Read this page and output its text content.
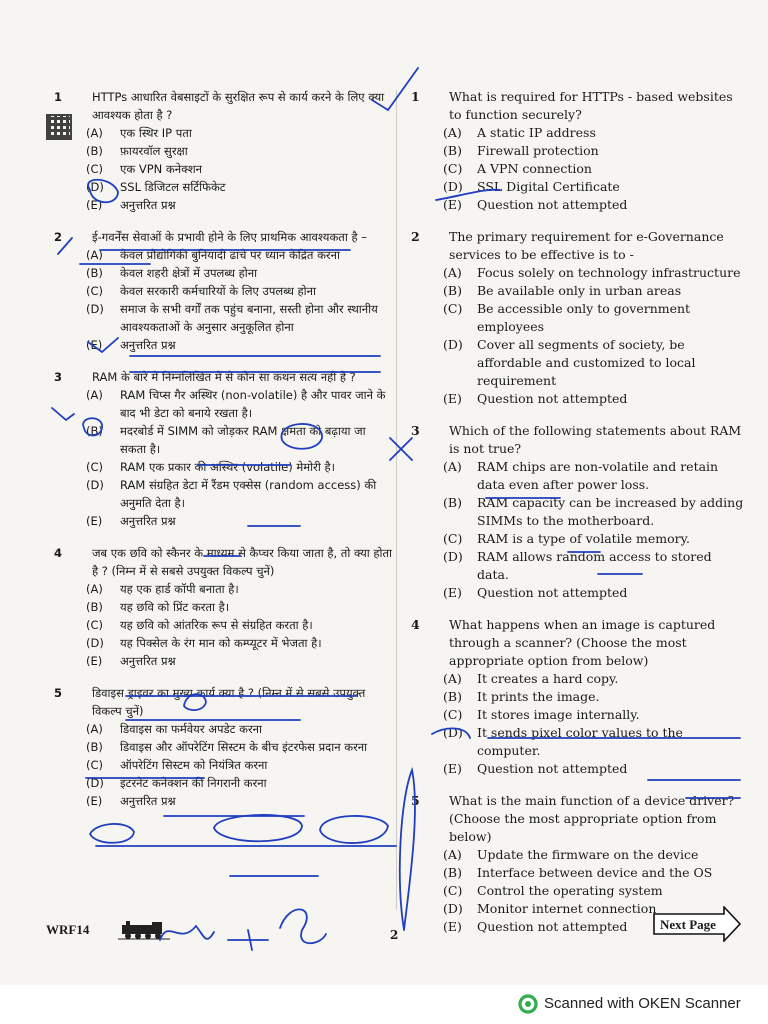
1	HTTPs आधारित वेबसाइटों के सुरक्षित रूप से कार्य करने के लिए क्या आवश्यक होता है ?
(A)	एक स्थिर IP पता
(B)	फ़ायरवॉल सुरक्षा
(C)	एक VPN कनेक्शन
(D)	SSL डिजिटल सर्टिफिकेट
(E)	अनुत्तरित प्रश्न
2	ई-गवर्नेंस सेवाओं के प्रभावी होने के लिए प्राथमिक आवश्यकता है –
(A)	केवल प्रौद्योगिकी बुनियादी ढांचे पर ध्यान केंद्रित करना
(B)	केवल शहरी क्षेत्रों में उपलब्ध होना
(C)	केवल सरकारी कर्मचारियों के लिए उपलब्ध होना
(D)	समाज के सभी वर्गों तक पहुंच बनाना, सस्ती होना और स्थानीय आवश्यकताओं के अनुसार अनुकूलित होना
(E)	अनुत्तरित प्रश्न
3	RAM के बारे में निम्नलिखित में से कौन सा कथन सत्य नहीं है ?
(A)	RAM चिप्स गैर अस्थिर (non-volatile) है और पावर जाने के बाद भी डेटा को बनाये रखता है।
(B)	मदरबोर्ड में SIMM को जोड़कर RAM क्षमता को बढ़ाया जा सकता है।
(C)	RAM एक प्रकार की अस्थिर (volatile) मेमोरी है।
(D)	RAM संग्रहित डेटा में रैंडम एक्सेस (random access) की अनुमति देता है।
(E)	अनुत्तरित प्रश्न
4	जब एक छवि को स्कैनर के माध्यम से कैप्चर किया जाता है, तो क्या होता है ? (निम्न में से सबसे उपयुक्त विकल्प चुनें)
(A)	यह एक हार्ड कॉपी बनाता है।
(B)	यह छवि को प्रिंट करता है।
(C)	यह छवि को आंतरिक रूप से संग्रहित करता है।
(D)	यह पिक्सेल के रंग मान को कम्प्यूटर में भेजता है।
(E)	अनुत्तरित प्रश्न
5	डिवाइस ड्राइवर का मुख्य कार्य क्या है ? (निम्न में से सबसे उपयुक्त विकल्प चुनें)
(A)	डिवाइस का फर्मवेयर अपडेट करना
(B)	डिवाइस और ऑपरेटिंग सिस्टम के बीच इंटरफेस प्रदान करना
(C)	ऑपरेटिंग सिस्टम को नियंत्रित करना
(D)	इंटरनेट कनेक्शन की निगरानी करना
(E)	अनुत्तरित प्रश्न
1	What is required for HTTPs - based websites to function securely?
(A)	A static IP address
(B)	Firewall protection
(C)	A VPN connection
(D)	SSL Digital Certificate
(E)	Question not attempted
2	The primary requirement for e-Governance services to be effective is to -
(A)	Focus solely on technology infrastructure
(B)	Be available only in urban areas
(C)	Be accessible only to government employees
(D)	Cover all segments of society, be affordable and customized to local requirement
(E)	Question not attempted
3	Which of the following statements about RAM is not true?
(A)	RAM chips are non-volatile and retain data even after power loss.
(B)	RAM capacity can be increased by adding SIMMs to the motherboard.
(C)	RAM is a type of volatile memory.
(D)	RAM allows random access to stored data.
(E)	Question not attempted
4	What happens when an image is captured through a scanner? (Choose the most appropriate option from below)
(A)	It creates a hard copy.
(B)	It prints the image.
(C)	It stores image internally.
(D)	It sends pixel color values to the computer.
(E)	Question not attempted
5	What is the main function of a device driver? (Choose the most appropriate option from below)
(A)	Update the firmware on the device
(B)	Interface between device and the OS
(C)	Control the operating system
(D)	Monitor internet connection
(E)	Question not attempted
WRF14	2
Next Page
Scanned with OKEN Scanner
